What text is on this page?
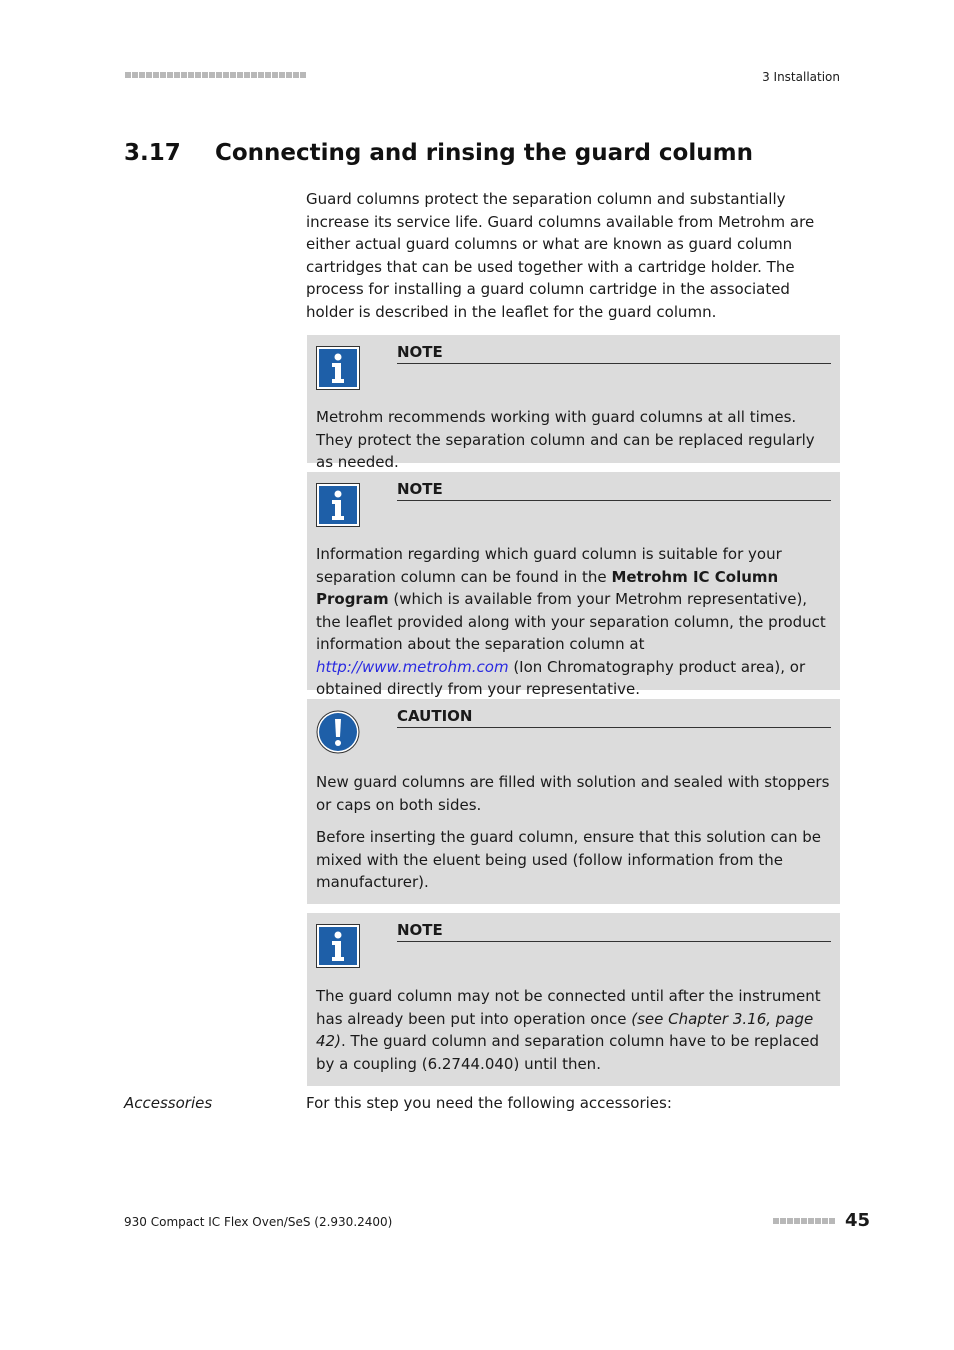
3 Installation
3.17 Connecting and rinsing the guard column

Guard columns protect the separation column and substantially increase its service life. Guard columns available from Metrohm are either actual guard columns or what are known as guard column cartridges that can be used together with a cartridge holder. The process for installing a guard column cartridge in the associated holder is described in the leaflet for the guard column.

NOTE

Metrohm recommends working with guard columns at all times. They protect the separation column and can be replaced regularly as needed.

NOTE

Information regarding which guard column is suitable for your separation column can be found in the Metrohm IC Column Program (which is available from your Metrohm representative), the leaflet provided along with your separation column, the product information about the separation column at http://www.metrohm.com (Ion Chromatography product area), or obtained directly from your representative.

CAUTION

New guard columns are filled with solution and sealed with stoppers or caps on both sides.

Before inserting the guard column, ensure that this solution can be mixed with the eluent being used (follow information from the manufacturer).

NOTE

The guard column may not be connected until after the instrument has already been put into operation once (see Chapter 3.16, page 42). The guard column and separation column have to be replaced by a coupling (6.2744.040) until then.

Accessories	For this step you need the following accessories:
930 Compact IC Flex Oven/SeS (2.930.2400)	45
